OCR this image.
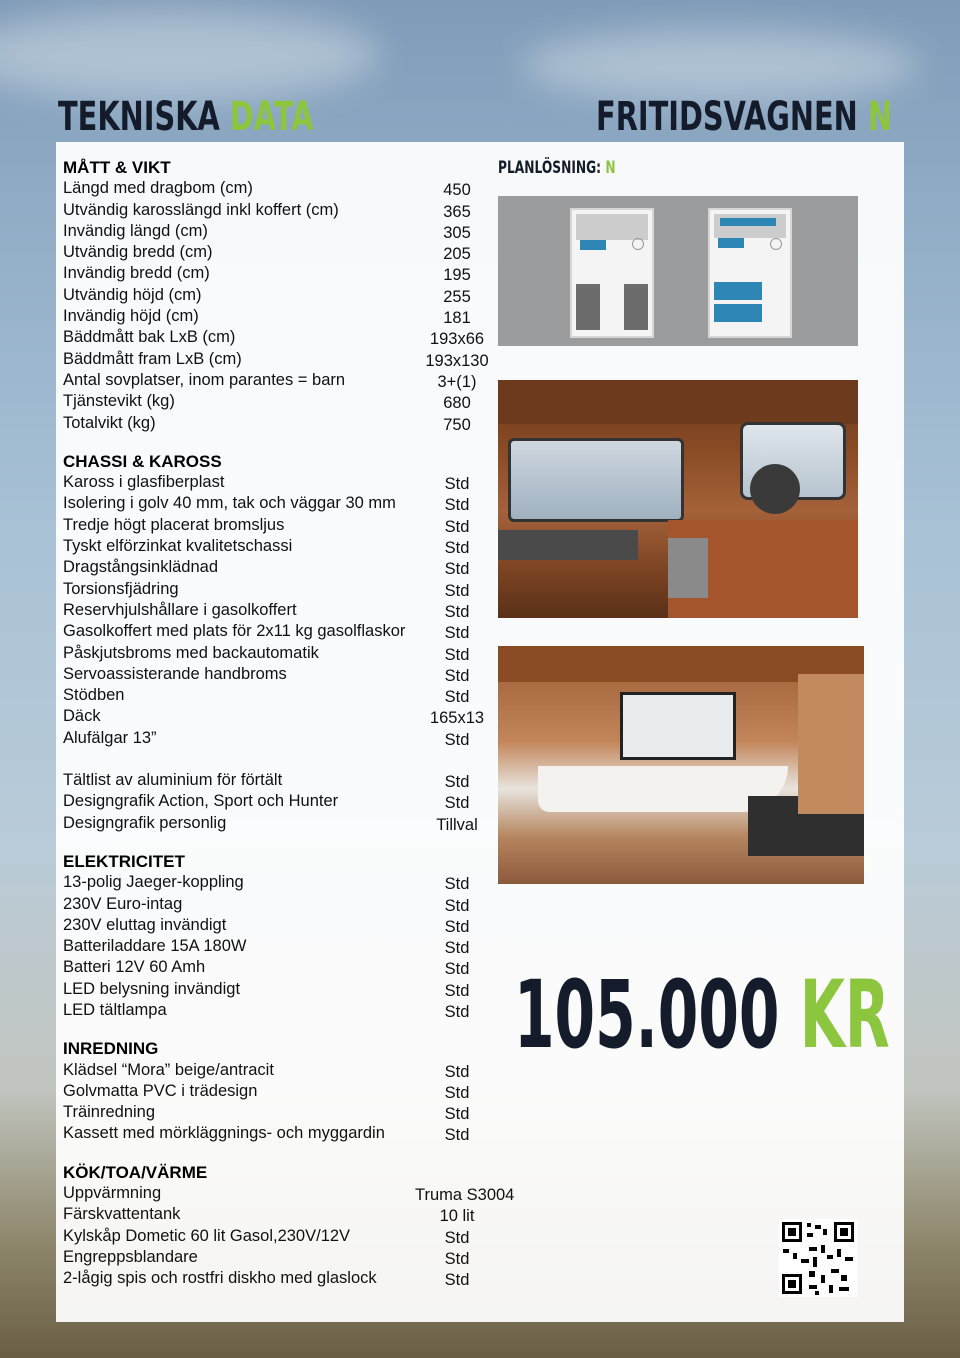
TEKNISKA DATA	FRITIDSVAGNEN N
MÅTT & VIKT
Längd med dragbom (cm)	450
Utvändig karosslängd inkl koffert (cm)	365
Invändig längd (cm)	305
Utvändig bredd (cm)	205
Invändig bredd (cm)	195
Utvändig höjd (cm)	255
Invändig höjd (cm)	181
Bäddmått bak LxB (cm)	193x66
Bäddmått fram LxB (cm)	193x130
Antal sovplatser, inom parantes = barn	3+(1)
Tjänstevikt (kg)	680
Totalvikt (kg)	750
CHASSI & KAROSS
Kaross i glasfiberplast	Std
Isolering i golv 40 mm, tak och väggar 30 mm	Std
Tredje högt placerat bromsljus	Std
Tyskt elförzinkat kvalitetschassi	Std
Dragstångsinklädnad	Std
Torsionsfjädring	Std
Reservhjulshållare i gasolkoffert	Std
Gasolkoffert med plats för 2x11 kg gasolflaskor	Std
Påskjutsbroms med backautomatik	Std
Servoassisterande handbroms	Std
Stödben	Std
Däck	165x13
Alufälgar 13”	Std
Tältlist av aluminium för förtält	Std
Designgrafik Action, Sport och Hunter	Std
Designgrafik personlig	Tillval
ELEKTRICITET
13-polig Jaeger-koppling	Std
230V Euro-intag	Std
230V eluttag invändigt	Std
Batteriladdare 15A 180W	Std
Batteri 12V 60 Amh	Std
LED belysning invändigt	Std
LED tältlampa	Std
INREDNING
Klädsel “Mora” beige/antracit	Std
Golvmatta PVC i trädesign	Std
Träinredning	Std
Kassett med mörkläggnings- och myggardin	Std
KÖK/TOA/VÄRME
Uppvärmning	Truma S3004
Färskvattentank	10 lit
Kylskåp Dometic 60 lit Gasol,230V/12V	Std
Engreppsblandare	Std
2-lågig spis och rostfri diskho med glaslock	Std
PLANLÖSNING: N
105.000 KR
